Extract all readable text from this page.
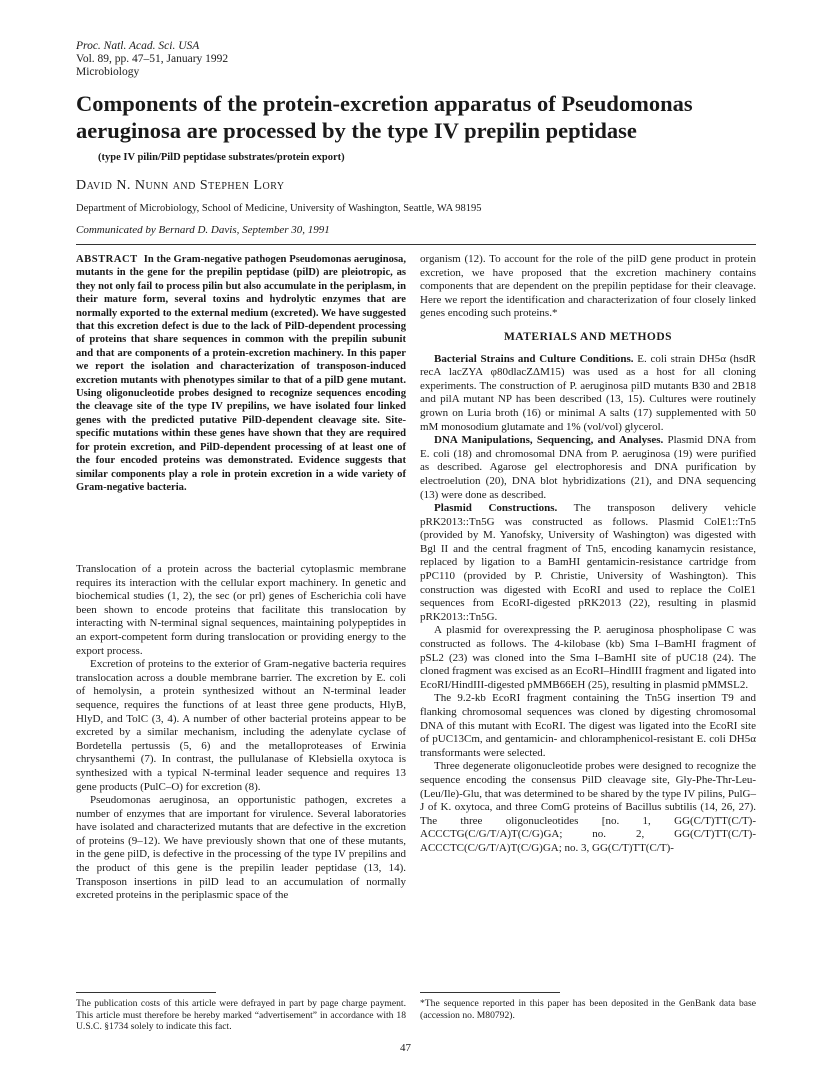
Proc. Natl. Acad. Sci. USA
Vol. 89, pp. 47–51, January 1992
Microbiology
Components of the protein-excretion apparatus of Pseudomonas aeruginosa are processed by the type IV prepilin peptidase
(type IV pilin/PilD peptidase substrates/protein export)
David N. Nunn and Stephen Lory
Department of Microbiology, School of Medicine, University of Washington, Seattle, WA 98195
Communicated by Bernard D. Davis, September 30, 1991
ABSTRACT In the Gram-negative pathogen Pseudomonas aeruginosa, mutants in the gene for the prepilin peptidase (pilD) are pleiotropic, as they not only fail to process pilin but also accumulate in the periplasm, in their mature form, several toxins and hydrolytic enzymes that are normally exported to the external medium (excreted). We have suggested that this excretion defect is due to the lack of PilD-dependent processing of proteins that share sequences in common with the prepilin subunit and that are components of a protein-excretion machinery. In this paper we report the isolation and characterization of transposon-induced excretion mutants with phenotypes similar to that of a pilD gene mutant. Using oligonucleotide probes designed to recognize sequences encoding the cleavage site of the type IV prepilins, we have isolated four linked genes with the predicted putative PilD-dependent cleavage site. Site-specific mutations within these genes have shown that they are required for protein excretion, and PilD-dependent processing of at least one of the four encoded proteins was demonstrated. Evidence suggests that similar components play a role in protein excretion in a wide variety of Gram-negative bacteria.

Translocation of a protein across the bacterial cytoplasmic membrane requires its interaction with the cellular export machinery. In genetic and biochemical studies (1, 2), the sec (or prl) genes of Escherichia coli have been shown to encode proteins that facilitate this translocation by interacting with N-terminal signal sequences, maintaining polypeptides in an export-competent form during translocation or providing energy to the export process.

Excretion of proteins to the exterior of Gram-negative bacteria requires translocation across a double membrane barrier. The excretion by E. coli of hemolysin, a protein synthesized without an N-terminal leader sequence, requires the functions of at least three gene products, HlyB, HlyD, and TolC (3, 4). A number of other bacterial proteins appear to be excreted by a similar mechanism, including the adenylate cyclase of Bordetella pertussis (5, 6) and the metalloproteases of Erwinia chrysanthemi (7). In contrast, the pullulanase of Klebsiella oxytoca is synthesized with a typical N-terminal leader sequence and requires 13 gene products (PulC–O) for excretion (8).

Pseudomonas aeruginosa, an opportunistic pathogen, excretes a number of enzymes that are important for virulence. Several laboratories have isolated and characterized mutants that are defective in the excretion of proteins (9–12). We have previously shown that one of these mutants, in the gene pilD, is defective in the processing of the type IV prepilins and the product of this gene is the prepilin leader peptidase (13, 14). Transposon insertions in pilD lead to an accumulation of normally excreted proteins in the periplasmic space of the

organism (12). To account for the role of the pilD gene product in protein excretion, we have proposed that the excretion machinery contains components that are dependent on the prepilin peptidase for their cleavage. Here we report the identification and characterization of four closely linked genes encoding such proteins.*

MATERIALS AND METHODS

Bacterial Strains and Culture Conditions. E. coli strain DH5α (hsdR recA lacZYA φ80dlacZΔM15) was used as a host for all cloning experiments. The construction of P. aeruginosa pilD mutants B30 and 2B18 and pilA mutant NP has been described (13, 15). Cultures were routinely grown on Luria broth (16) or minimal A salts (17) supplemented with 50 mM monosodium glutamate and 1% (vol/vol) glycerol.

DNA Manipulations, Sequencing, and Analyses. Plasmid DNA from E. coli (18) and chromosomal DNA from P. aeruginosa (19) were purified as described. Agarose gel electrophoresis and DNA purification by electroelution (20), DNA blot hybridizations (21), and DNA sequencing (13) were done as described.

Plasmid Constructions. The transposon delivery vehicle pRK2013::Tn5G was constructed as follows. Plasmid ColE1::Tn5 (provided by M. Yanofsky, University of Washington) was digested with Bgl II and the central fragment of Tn5, encoding kanamycin resistance, replaced by ligation to a BamHI gentamicin-resistance cartridge from pPC110 (provided by P. Christie, University of Washington). This construction was digested with EcoRI and used to replace the ColE1 sequences from EcoRI-digested pRK2013 (22), resulting in plasmid pRK2013::Tn5G.

A plasmid for overexpressing the P. aeruginosa phospholipase C was constructed as follows. The 4-kilobase (kb) Sma I–BamHI fragment of pSL2 (23) was cloned into the Sma I–BamHI site of pUC18 (24). The cloned fragment was excised as an EcoRI–HindIII fragment and ligated into EcoRI/HindIII-digested pMMB66EH (25), resulting in plasmid pMMSL2.

The 9.2-kb EcoRI fragment containing the Tn5G insertion T9 and flanking chromosomal sequences was cloned by digesting chromosomal DNA of this mutant with EcoRI. The digest was ligated into the EcoRI site of pUC13Cm, and gentamicin- and chloramphenicol-resistant E. coli DH5α transformants were selected.

Three degenerate oligonucleotide probes were designed to recognize the sequence encoding the consensus PilD cleavage site, Gly-Phe-Thr-Leu-(Leu/Ile)-Glu, that was determined to be shared by the type IV pilins, PulG–J of K. oxytoca, and three ComG proteins of Bacillus subtilis (14, 26, 27). The three oligonucleotides [no. 1, GG(C/T)TT(C/T)-ACCCTG(C/G/T/A)T(C/G)GA; no. 2, GG(C/T)TT(C/T)-ACCCTC(C/G/T/A)T(C/G)GA; no. 3, GG(C/T)TT(C/T)-

The publication costs of this article were defrayed in part by page charge payment. This article must therefore be hereby marked “advertisement” in accordance with 18 U.S.C. §1734 solely to indicate this fact.
*The sequence reported in this paper has been deposited in the GenBank data base (accession no. M80792).
47
